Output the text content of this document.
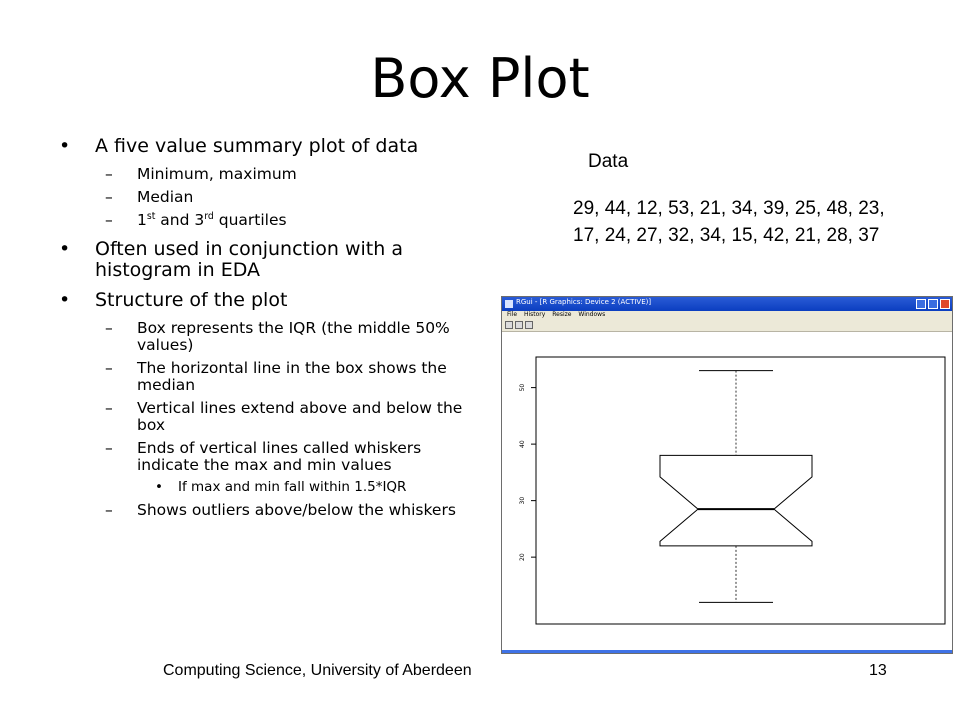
Box Plot
• A five value summary plot of data
– Minimum, maximum
– Median
– 1st and 3rd quartiles
• Often used in conjunction with a histogram in EDA
• Structure of the plot
– Box represents the IQR (the middle 50% values)
– The horizontal line in the box shows the median
– Vertical lines extend above and below the box
– Ends of vertical lines called whiskers indicate the max and min values
• If max and min fall within 1.5*IQR
– Shows outliers above/below the whiskers
Data
29, 44, 12, 53, 21, 34, 39, 25, 48, 23, 17, 24, 27, 32, 34, 15, 42, 21, 28, 37
RGui - [R Graphics: Device 2 (ACTIVE)]
File History Resize Windows
20
30
40
50
Computing Science, University of Aberdeen	13
